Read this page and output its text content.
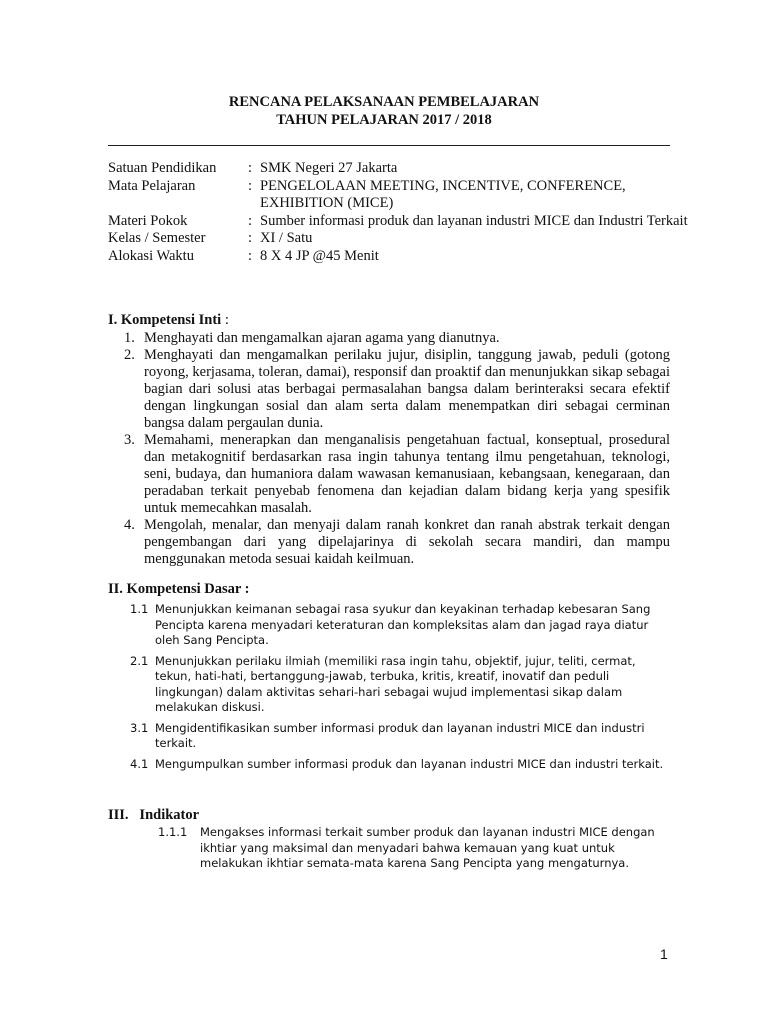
RENCANA PELAKSANAAN PEMBELAJARAN
TAHUN PELAJARAN 2017 / 2018
Satuan Pendidikan	: SMK Negeri 27 Jakarta
Mata Pelajaran	: PENGELOLAAN MEETING, INCENTIVE, CONFERENCE, EXHIBITION (MICE)
Materi Pokok	: Sumber informasi produk dan layanan industri MICE dan Industri Terkait
Kelas / Semester	: XI / Satu
Alokasi Waktu	: 8 X 4 JP @45 Menit
I. Kompetensi Inti :
1. Menghayati dan mengamalkan ajaran agama yang dianutnya.
2. Menghayati dan mengamalkan perilaku jujur, disiplin, tanggung jawab, peduli (gotong royong, kerjasama, toleran, damai), responsif dan proaktif dan menunjukkan sikap sebagai bagian dari solusi atas berbagai permasalahan bangsa dalam berinteraksi secara efektif dengan lingkungan sosial dan alam serta dalam menempatkan diri sebagai cerminan bangsa dalam pergaulan dunia.
3. Memahami, menerapkan dan menganalisis pengetahuan factual, konseptual, prosedural dan metakognitif berdasarkan rasa ingin tahunya tentang ilmu pengetahuan, teknologi, seni, budaya, dan humaniora dalam wawasan kemanusiaan, kebangsaan, kenegaraan, dan peradaban terkait penyebab fenomena dan kejadian dalam bidang kerja yang spesifik untuk memecahkan masalah.
4. Mengolah, menalar, dan menyaji dalam ranah konkret dan ranah abstrak terkait dengan pengembangan dari yang dipelajarinya di sekolah secara mandiri, dan mampu menggunakan metoda sesuai kaidah keilmuan.
II. Kompetensi Dasar :
1.1 Menunjukkan keimanan sebagai rasa syukur dan keyakinan terhadap kebesaran Sang Pencipta karena menyadari keteraturan dan kompleksitas alam dan jagad raya diatur oleh Sang Pencipta.
2.1 Menunjukkan perilaku ilmiah (memiliki rasa ingin tahu, objektif, jujur, teliti, cermat, tekun, hati-hati, bertanggung-jawab, terbuka, kritis, kreatif, inovatif dan peduli lingkungan) dalam aktivitas sehari-hari sebagai wujud implementasi sikap dalam melakukan diskusi.
3.1 Mengidentifikasikan sumber informasi produk dan layanan industri MICE dan industri terkait.
4.1 Mengumpulkan sumber informasi produk dan layanan industri MICE dan industri terkait.
III.   Indikator
1.1.1	Mengakses informasi terkait sumber produk dan layanan industri MICE dengan ikhtiar yang maksimal dan menyadari bahwa kemauan yang kuat untuk melakukan ikhtiar semata-mata karena Sang Pencipta yang mengaturnya.
1
